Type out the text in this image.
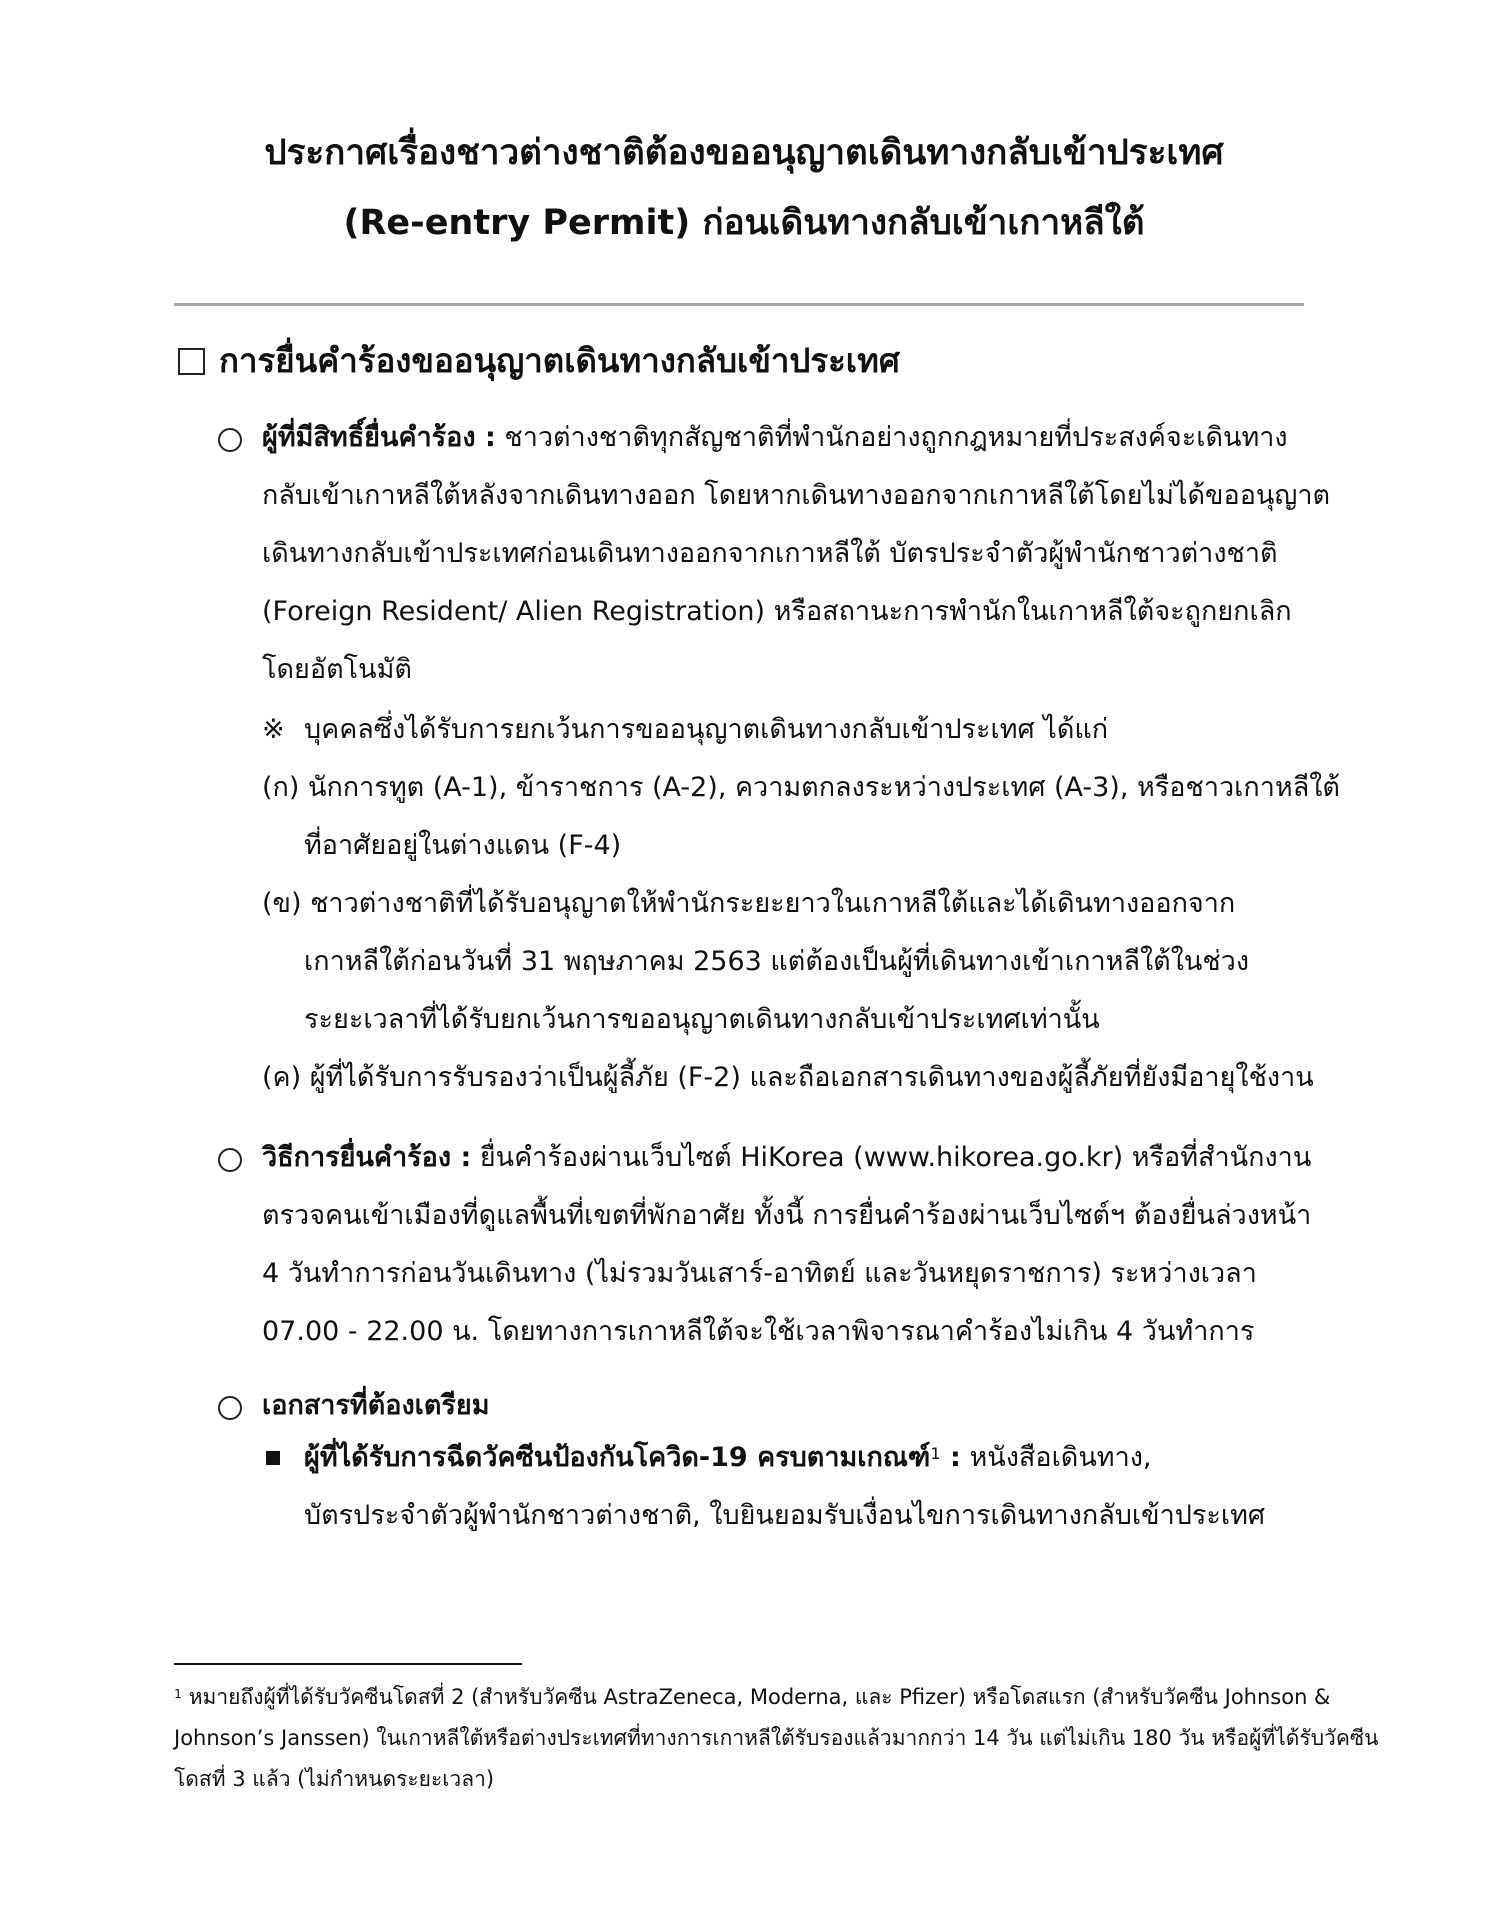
ประกาศเรื่องชาวต่างชาติต้องขออนุญาตเดินทางกลับเข้าประเทศ
(Re-entry Permit) ก่อนเดินทางกลับเข้าเกาหลีใต้
การยื่นคำร้องขออนุญาตเดินทางกลับเข้าประเทศ
ผู้ที่มีสิทธิ์ยื่นคำร้อง : ชาวต่างชาติทุกสัญชาติที่พำนักอย่างถูกกฎหมายที่ประสงค์จะเดินทาง
กลับเข้าเกาหลีใต้หลังจากเดินทางออก โดยหากเดินทางออกจากเกาหลีใต้โดยไม่ได้ขออนุญาต
เดินทางกลับเข้าประเทศก่อนเดินทางออกจากเกาหลีใต้ บัตรประจำตัวผู้พำนักชาวต่างชาติ
(Foreign Resident/ Alien Registration) หรือสถานะการพำนักในเกาหลีใต้จะถูกยกเลิก
โดยอัตโนมัติ
※ บุคคลซึ่งได้รับการยกเว้นการขออนุญาตเดินทางกลับเข้าประเทศ ได้แก่
(ก) นักการทูต (A-1), ข้าราชการ (A-2), ความตกลงระหว่างประเทศ (A-3), หรือชาวเกาหลีใต้
ที่อาศัยอยู่ในต่างแดน (F-4)
(ข) ชาวต่างชาติที่ได้รับอนุญาตให้พำนักระยะยาวในเกาหลีใต้และได้เดินทางออกจาก
เกาหลีใต้ก่อนวันที่ 31 พฤษภาคม 2563 แต่ต้องเป็นผู้ที่เดินทางเข้าเกาหลีใต้ในช่วง
ระยะเวลาที่ได้รับยกเว้นการขออนุญาตเดินทางกลับเข้าประเทศเท่านั้น
(ค) ผู้ที่ได้รับการรับรองว่าเป็นผู้ลี้ภัย (F-2) และถือเอกสารเดินทางของผู้ลี้ภัยที่ยังมีอายุใช้งาน
วิธีการยื่นคำร้อง : ยื่นคำร้องผ่านเว็บไซต์ HiKorea (www.hikorea.go.kr) หรือที่สำนักงาน
ตรวจคนเข้าเมืองที่ดูแลพื้นที่เขตที่พักอาศัย ทั้งนี้ การยื่นคำร้องผ่านเว็บไซต์ฯ ต้องยื่นล่วงหน้า
4 วันทำการก่อนวันเดินทาง (ไม่รวมวันเสาร์-อาทิตย์ และวันหยุดราชการ) ระหว่างเวลา
07.00 - 22.00 น. โดยทางการเกาหลีใต้จะใช้เวลาพิจารณาคำร้องไม่เกิน 4 วันทำการ
เอกสารที่ต้องเตรียม
ผู้ที่ได้รับการฉีดวัคซีนป้องกันโควิด-19 ครบตามเกณฑ์$^1$ : หนังสือเดินทาง,
บัตรประจำตัวผู้พำนักชาวต่างชาติ, ใบยินยอมรับเงื่อนไขการเดินทางกลับเข้าประเทศ
$^1$ หมายถึงผู้ที่ได้รับวัคซีนโดสที่ 2 (สำหรับวัคซีน AstraZeneca, Moderna, และ Pfizer) หรือโดสแรก (สำหรับวัคซีน Johnson &
Johnson’s Janssen) ในเกาหลีใต้หรือต่างประเทศที่ทางการเกาหลีใต้รับรองแล้วมากกว่า 14 วัน แต่ไม่เกิน 180 วัน หรือผู้ที่ได้รับวัคซีน
โดสที่ 3 แล้ว (ไม่กำหนดระยะเวลา)
